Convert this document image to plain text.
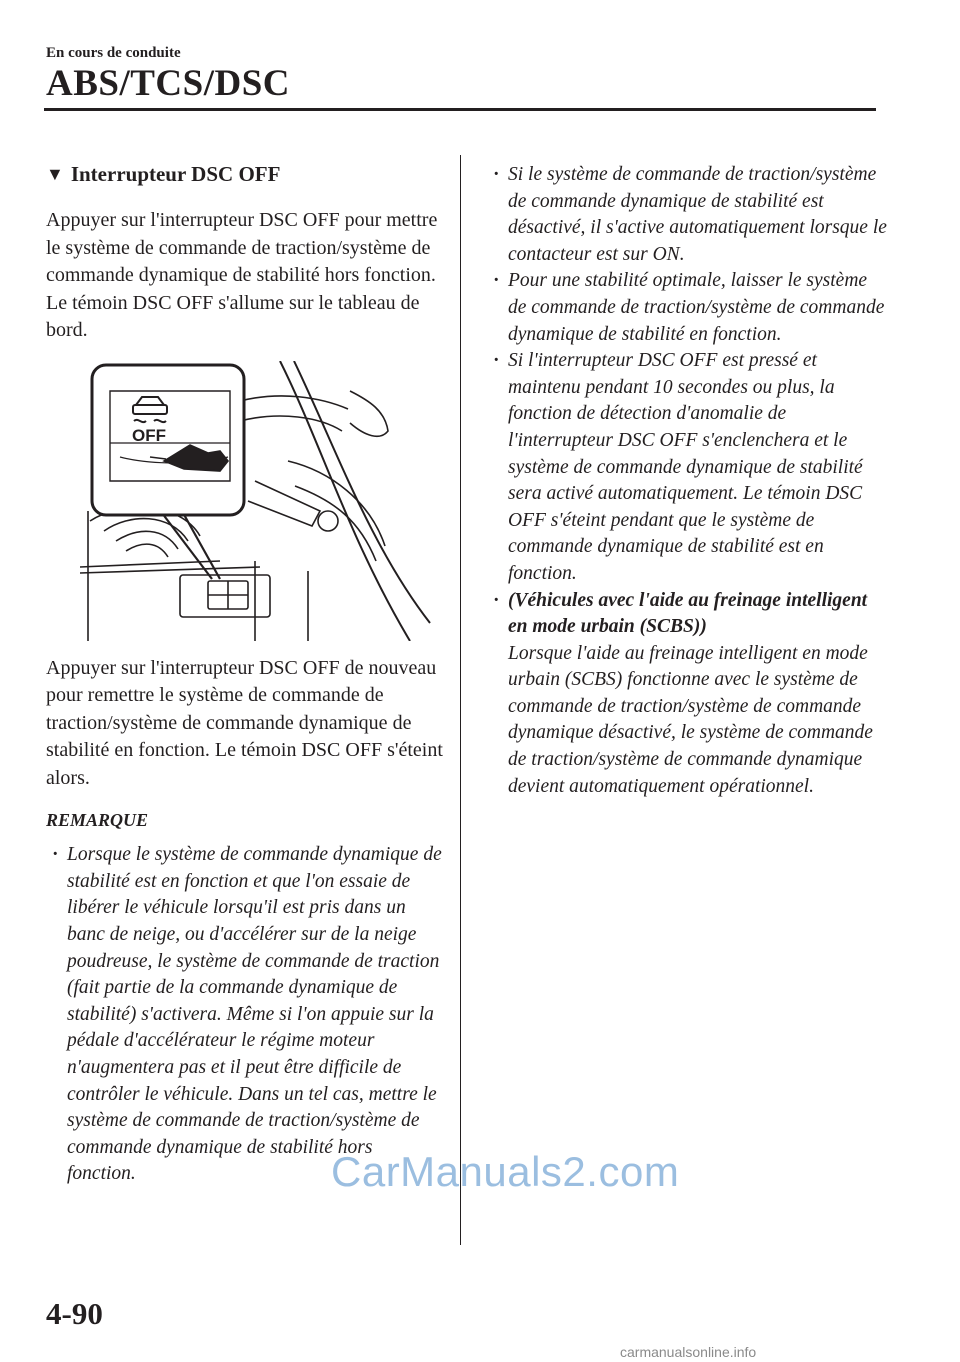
En cours de conduite
ABS/TCS/DSC
▼ Interrupteur DSC OFF

Appuyer sur l'interrupteur DSC OFF pour mettre le système de commande de traction/système de commande dynamique de stabilité hors fonction. Le témoin DSC OFF s'allume sur le tableau de bord.

OFF

Appuyer sur l'interrupteur DSC OFF de nouveau pour remettre le système de commande de traction/système de commande dynamique de stabilité en fonction. Le témoin DSC OFF s'éteint alors.

REMARQUE
· Lorsque le système de commande dynamique de stabilité est en fonction et que l'on essaie de libérer le véhicule lorsqu'il est pris dans un banc de neige, ou d'accélérer sur de la neige poudreuse, le système de commande de traction (fait partie de la commande dynamique de stabilité) s'activera. Même si l'on appuie sur la pédale d'accélérateur le régime moteur n'augmentera pas et il peut être difficile de contrôler le véhicule. Dans un tel cas, mettre le système de commande de traction/système de commande dynamique de stabilité hors fonction.
· Si le système de commande de traction/système de commande dynamique de stabilité est désactivé, il s'active automatiquement lorsque le contacteur est sur ON.
· Pour une stabilité optimale, laisser le système de commande de traction/système de commande dynamique de stabilité en fonction.
· Si l'interrupteur DSC OFF est pressé et maintenu pendant 10 secondes ou plus, la fonction de détection d'anomalie de l'interrupteur DSC OFF s'enclenchera et le système de commande dynamique de stabilité sera activé automatiquement. Le témoin DSC OFF s'éteint pendant que le système de commande dynamique de stabilité est en fonction.
· (Véhicules avec l'aide au freinage intelligent en mode urbain (SCBS))
Lorsque l'aide au freinage intelligent en mode urbain (SCBS) fonctionne avec le système de commande de traction/système de commande dynamique désactivé, le système de commande de traction/système de commande dynamique devient automatiquement opérationnel.
CarManuals2.com
4-90
carmanualsonline.info
